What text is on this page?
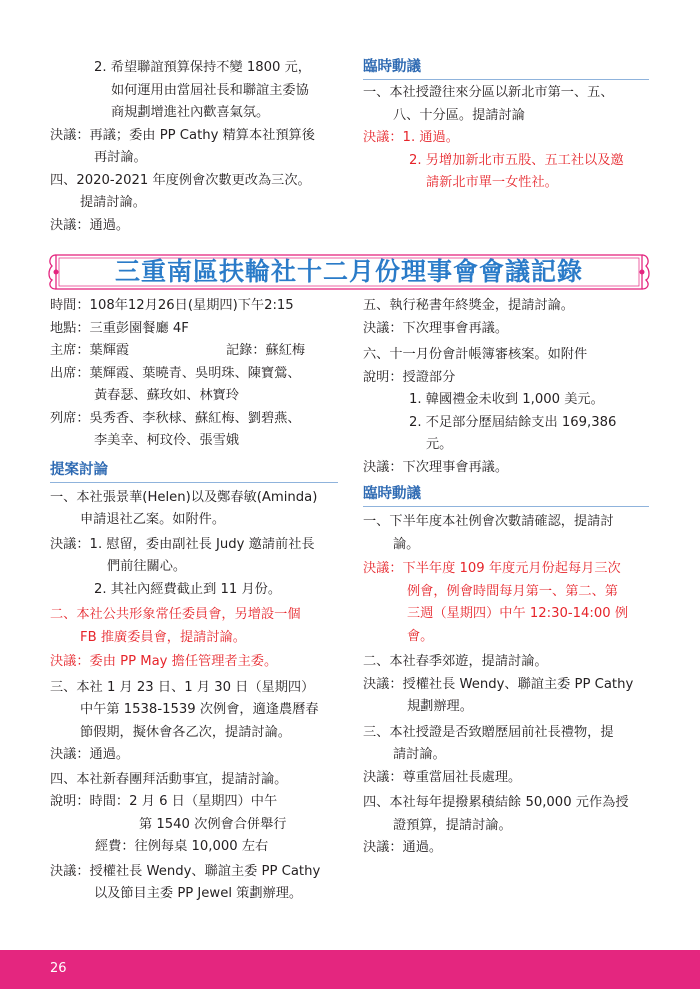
2. 希望聯誼預算保持不變 1800 元，
如何運用由當屆社長和聯誼主委協
商規劃增進社內歡喜氣氛。
決議：再議；委由 PP Cathy 精算本社預算後
再討論。
四、2020-2021 年度例會次數更改為三次。
提請討論。
決議：通過。
臨時動議
一、本社授證往來分區以新北市第一、五、
八、十分區。提請討論
決議：1. 通過。
2. 另增加新北市五股、五工社以及邀
請新北市單一女性社。
三重南區扶輪社十二月份理事會會議記錄
時間：108年12月26日(星期四)下午2:15
地點：三重彭園餐廳 4F
主席：葉輝霞	記錄：蘇紅梅
出席：葉輝霞、葉曉青、吳明珠、陳寶鶯、
黃春瑟、蘇玫如、林寶玲
列席：吳秀香、李秋梂、蘇紅梅、劉碧燕、
李美幸、柯玟伶、張雪娥
提案討論
一、本社張景華(Helen)以及鄭春敏(Aminda)
申請退社乙案。如附件。
決議：1. 慰留，委由副社長 Judy 邀請前社長
們前往關心。
2. 其社內經費截止到 11 月份。
二、本社公共形象常任委員會，另增設一個
FB 推廣委員會，提請討論。
決議：委由 PP May 擔任管理者主委。
三、本社 1 月 23 日、1 月 30 日（星期四）
中午第 1538-1539 次例會，適逢農曆春
節假期，擬休會各乙次，提請討論。
決議：通過。
四、本社新春團拜活動事宜，提請討論。
說明：時間：2 月 6 日（星期四）中午
第 1540 次例會合併舉行
經費：往例每桌 10,000 左右
決議：授權社長 Wendy、聯誼主委 PP Cathy
以及節目主委 PP Jewel 策劃辦理。
五、執行秘書年終獎金，提請討論。
決議：下次理事會再議。
六、十一月份會計帳簿審核案。如附件
說明：授證部分
1. 韓國禮金未收到 1,000 美元。
2. 不足部分歷屆結餘支出 169,386
元。
決議：下次理事會再議。
臨時動議
一、下半年度本社例會次數請確認，提請討
論。
決議：下半年度 109 年度元月份起每月三次
例會，例會時間每月第一、第二、第
三週（星期四）中午 12:30-14:00 例
會。
二、本社春季郊遊，提請討論。
決議：授權社長 Wendy、聯誼主委 PP Cathy
規劃辦理。
三、本社授證是否致贈歷屆前社長禮物，提
請討論。
決議：尊重當屆社長處理。
四、本社每年提撥累積結餘 50,000 元作為授
證預算，提請討論。
決議：通過。
26
